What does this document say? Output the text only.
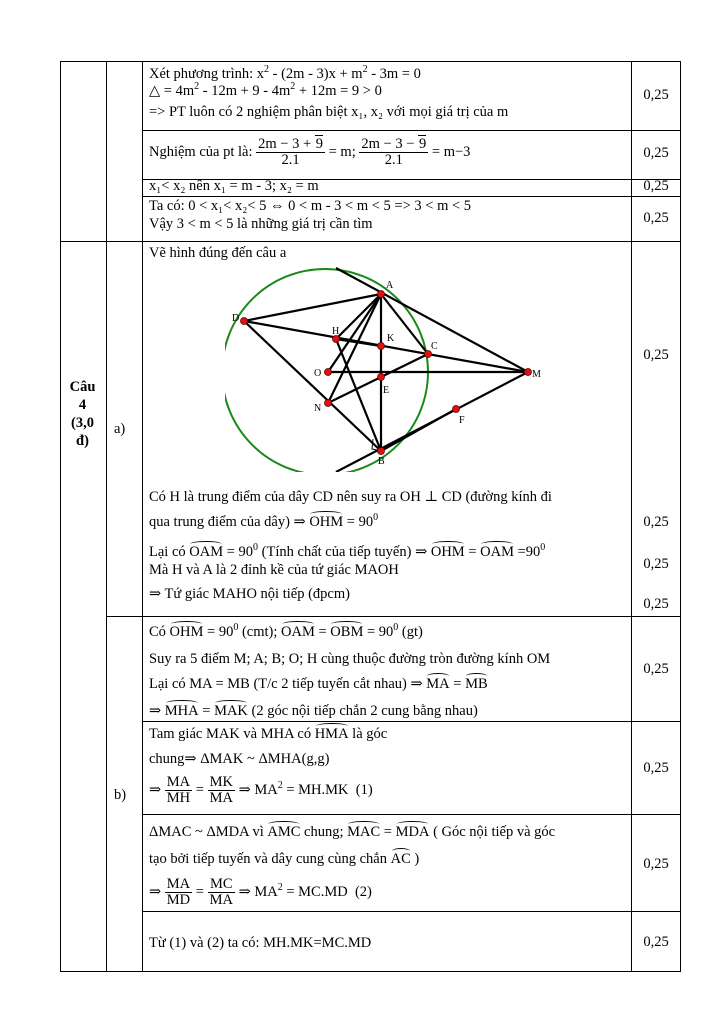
Xét phương trình: $x^2 - (2m - 3)x + m^2 - 3m = 0$
△ = $4m^2 - 12m + 9 - 4m^2 + 12m = 9 > 0$
=> PT luôn có 2 nghiệm phân biệt x₁, x₂ với mọi giá trị của m
Nghiệm của pt là: $\frac{2m - 3 + 9}{2.1} = m$; $\frac{2m - 3 - 9}{2.1} = m-3$
x₁< x₂ nên x₁ = m - 3; x₂ = m
Ta có: 0 < x₁< x₂< 5 ⇔ 0 < m - 3 < m < 5 => 3 < m < 5
Vậy 3 < m < 5 là những giá trị cần tìm
Câu
4
(3,0
đ)
a)
b)
Vẽ hình đúng đến câu a
A
D
H
K
C
O
E
M
N
F
B
Có H là trung điểm của dây CD nên suy ra OH ⊥ CD (đường kính đi
qua trung điểm của dây) ⇒ OHM = $90^0$
Lại có OAM = $90^0$ (Tính chất của tiếp tuyến) ⇒ OHM = OAM $=90^0$
Mà H và A là 2 đỉnh kề của tứ giác MAOH
⇒ Tứ giác MAHO nội tiếp (đpcm)
Có OHM = $90^0$ (cmt); OAM = OBM = $90^0$ (gt)
Suy ra 5 điểm M; A; B; O; H cùng thuộc đường tròn đường kính OM
Lại có MA = MB (T/c 2 tiếp tuyến cắt nhau) ⇒ MA = MB
⇒ MHA = MAK (2 góc nội tiếp chắn 2 cung bằng nhau)
Tam giác MAK và MHA có HMA là góc
chung⇒ ΔMAK ~ ΔMHA(g,g)
⇒ $\frac{MA}{MH} = \frac{MK}{MA}$ ⇒ $MA^2 = MH.MK$  (1)
ΔMAC ~ ΔMDA vì AMC chung; MAC = MDA ( Góc nội tiếp và góc
tạo bởi tiếp tuyến và dây cung cùng chắn AC )
⇒ $\frac{MA}{MD} = \frac{MC}{MA}$ ⇒ $MA^2 = MC.MD$  (2)
Từ (1) và (2) ta có: MH.MK=MC.MD
0,25
0,25
0,25
0,25
0,25
0,25
0,25
0,25
0,25
0,25
0,25
0,25
